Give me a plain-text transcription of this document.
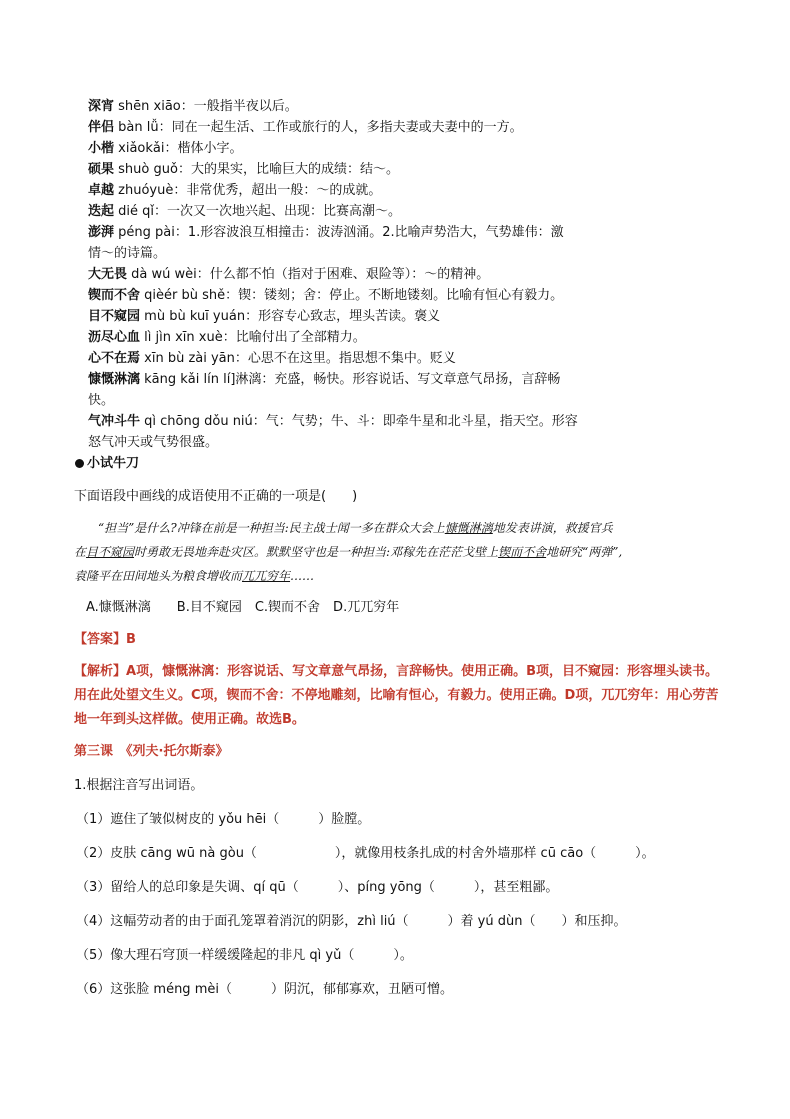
深宵 shēn xiāo：一般指半夜以后。

伴侣 bàn lǚ：同在一起生活、工作或旅行的人，多指夫妻或夫妻中的一方。

小楷 xiǎokǎi：楷体小字。

硕果 shuò guǒ：大的果实，比喻巨大的成绩：结～。

卓越 zhuóyuè：非常优秀，超出一般：～的成就。

迭起 dié qǐ：一次又一次地兴起、出现：比赛高潮～。

澎湃 péng pài：1.形容波浪互相撞击：波涛汹涌。2.比喻声势浩大，气势雄伟：激

情～的诗篇。

大无畏 dà wú wèi：什么都不怕（指对于困难、艰险等）：～的精神。

锲而不舍 qièér bù shě：锲：镂刻；舍：停止。不断地镂刻。比喻有恒心有毅力。

目不窥园 mù bù kuī yuán：形容专心致志，埋头苦读。褒义

沥尽心血 lì jìn xīn xuè：比喻付出了全部精力。

心不在焉 xīn bù zài yān：心思不在这里。指思想不集中。贬义

慷慨淋漓 kāng kǎi lín lí]淋漓：充盛，畅快。形容说话、写文章意气昂扬，言辞畅

快。

气冲斗牛 qì chōng dǒu niú：气：气势；牛、斗：即牵牛星和北斗星，指天空。形容

怒气冲天或气势很盛。

小试牛刀
下面语段中画线的成语使用不正确的一项是(　　)

　　“担当”是什么?冲锋在前是一种担当:民主战士闻一多在群众大会上慷慨淋漓地发表讲演，救援官兵

在目不窥园时勇敢无畏地奔赴灾区。默默坚守也是一种担当:邓稼先在茫茫戈壁上锲而不舍地研究“两弹”,

袁隆平在田间地头为粮食增收而兀兀穷年……

A.慷慨淋漓　　B.目不窥园　C.锲而不舍　D.兀兀穷年
【答案】B
【解析】A项，慷慨淋漓：形容说话、写文章意气昂扬，言辞畅快。使用正确。B项，目不窥园：形容埋头读书。用在此处望文生义。C项，锲而不舍：不停地雕刻，比喻有恒心，有毅力。使用正确。D项，兀兀穷年：用心劳苦地一年到头这样做。使用正确。故选B。
第三课　《列夫·托尔斯泰》
1.根据注音写出词语。
（1）遮住了皱似树皮的 yǒu hēi（　　　）脸膛。
（2）皮肤 cāng wū nà gòu（　　　　　　），就像用枝条扎成的村舍外墙那样 cū cāo（　　　）。
（3）留给人的总印象是失调、qí qū（　　　）、píng yōng（　　　），甚至粗鄙。
（4）这幅劳动者的由于面孔笼罩着消沉的阴影，zhì liú（　　　）着 yú dùn（　　）和压抑。
（5）像大理石穹顶一样缓缓隆起的非凡 qì yǔ（　　　）。
（6）这张脸 méng mèi（　　　）阴沉，郁郁寡欢，丑陋可憎。
